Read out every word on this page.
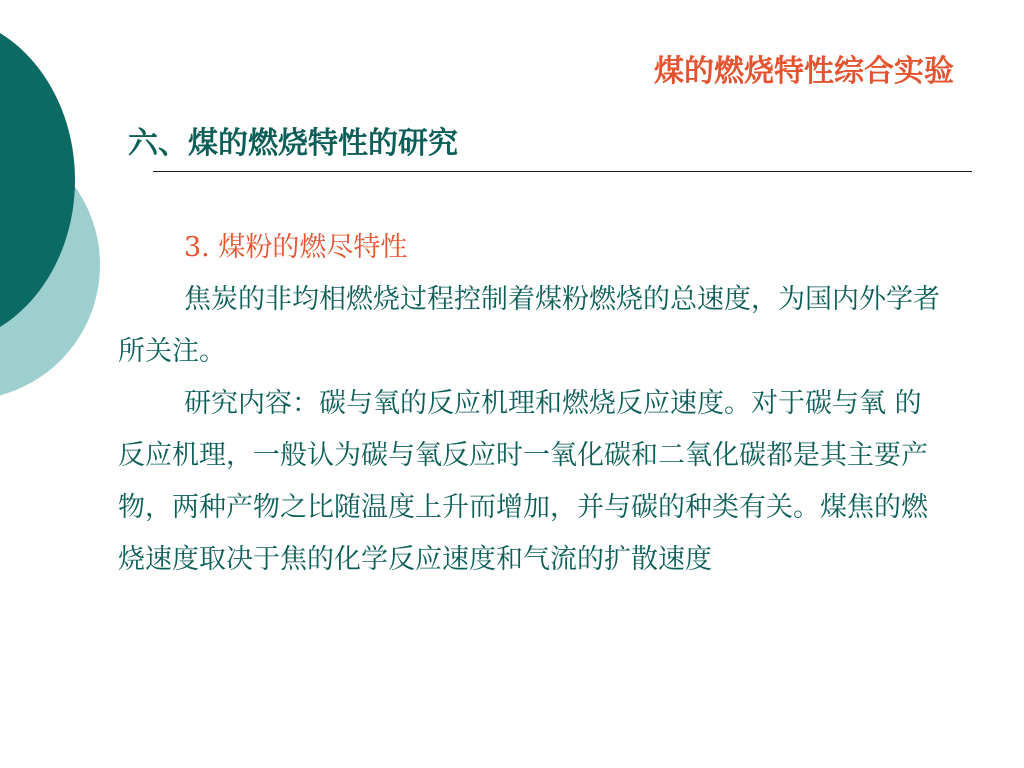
煤的燃烧特性综合实验
六、煤的燃烧特性的研究

3. 煤粉的燃尽特性

焦炭的非均相燃烧过程控制着煤粉燃烧的总速度，为国内外学者所关注。

研究内容：碳与氧的反应机理和燃烧反应速度。对于碳与氧 的反应机理，一般认为碳与氧反应时一氧化碳和二氧化碳都是其主要产物，两种产物之比随温度上升而增加，并与碳的种类有关。煤焦的燃烧速度取决于焦的化学反应速度和气流的扩散速度
